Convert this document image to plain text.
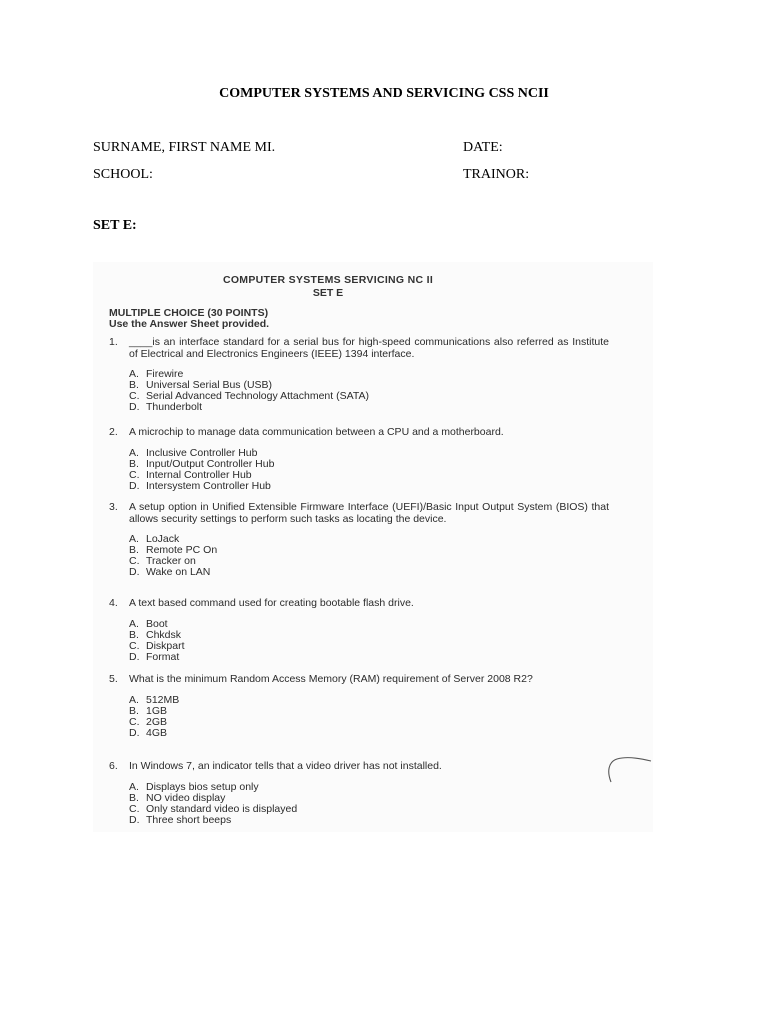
COMPUTER SYSTEMS AND SERVICING CSS NCII
SURNAME, FIRST NAME MI.	DATE:
SCHOOL:	TRAINOR:
SET E:
COMPUTER SYSTEMS SERVICING NC II
SET E
MULTIPLE CHOICE (30 POINTS)
Use the Answer Sheet provided.
1. ____is an interface standard for a serial bus for high-speed communications also referred as Institute of Electrical and Electronics Engineers (IEEE) 1394 interface.
A. Firewire
B. Universal Serial Bus (USB)
C. Serial Advanced Technology Attachment (SATA)
D. Thunderbolt
2. A microchip to manage data communication between a CPU and a motherboard.
A. Inclusive Controller Hub
B. Input/Output Controller Hub
C. Internal Controller Hub
D. Intersystem Controller Hub
3. A setup option in Unified Extensible Firmware Interface (UEFI)/Basic Input Output System (BIOS) that allows security settings to perform such tasks as locating the device.
A. LoJack
B. Remote PC On
C. Tracker on
D. Wake on LAN
4. A text based command used for creating bootable flash drive.
A. Boot
B. Chkdsk
C. Diskpart
D. Format
5. What is the minimum Random Access Memory (RAM) requirement of Server 2008 R2?
A. 512MB
B. 1GB
C. 2GB
D. 4GB
6. In Windows 7, an indicator tells that a video driver has not installed.
A. Displays bios setup only
B. NO video display
C. Only standard video is displayed
D. Three short beeps
